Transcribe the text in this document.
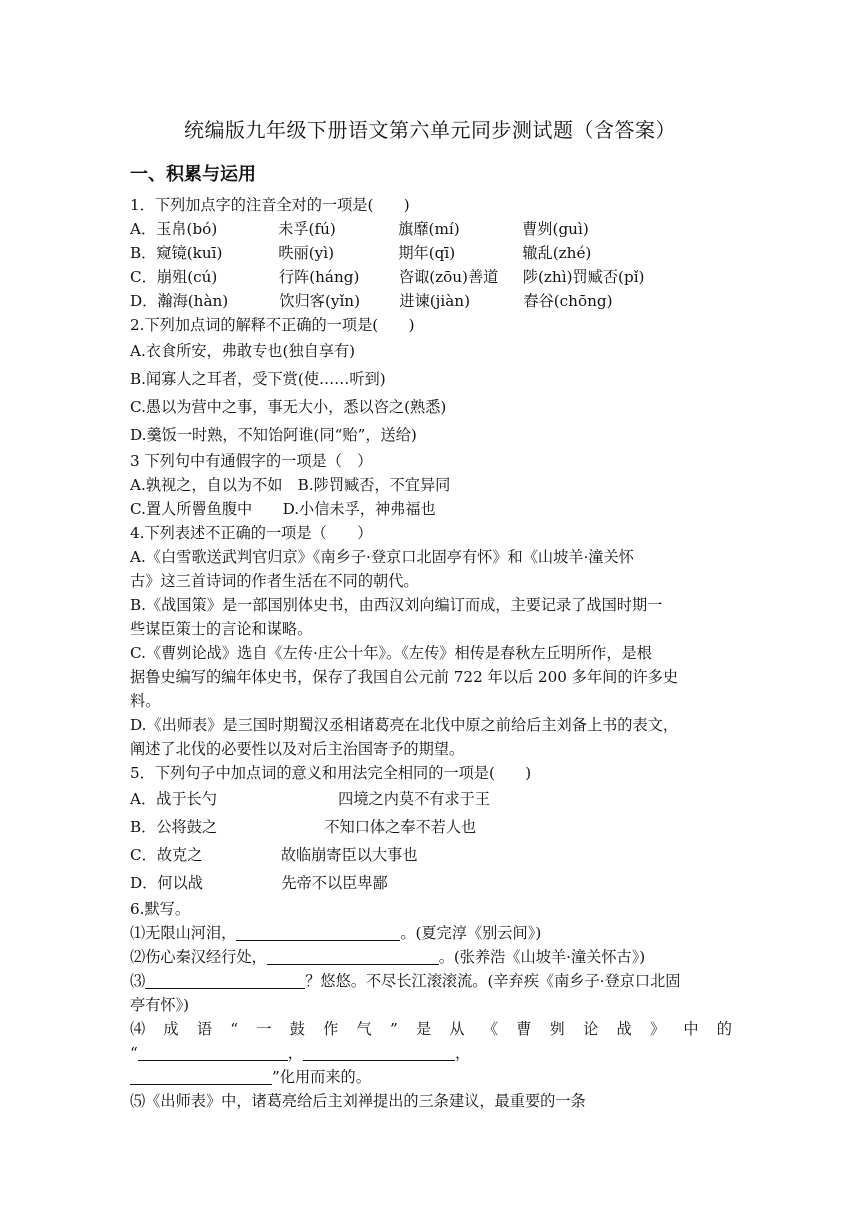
统编版九年级下册语文第六单元同步测试题（含答案）
一、积累与运用
1．下列加点字的注音全对的一项是(　　)
A． 玉帛(bó)	未孚(fú)	旗靡(mí)	曹刿(guì)
B． 窥镜(kuī)	昳丽(yì)	期年(qī)	辙乱(zhé)
C． 崩殂(cú)	行阵(háng)	咨诹(zōu)善道	陟(zhì)罚臧否(pǐ)
D． 瀚海(hàn)	饮归客(yǐn)	进谏(jiàn)	舂谷(chōng)
2.下列加点词的解释不正确的一项是(　　)
A.衣食所安，弗敢专也(独自享有)
B.闻寡人之耳者，受下赏(使……听到)
C.愚以为营中之事，事无大小，悉以咨之(熟悉)
D.羹饭一时熟，不知饴阿谁(同“贻”，送给)
3 下列句中有通假字的一项是（　）
A.孰视之，自以为不如　B.陟罚臧否，不宜异同
C.置人所罾鱼腹中　　D.小信未孚，神弗福也
4.下列表述不正确的一项是（　　）
A.《白雪歌送武判官归京》《南乡子·登京口北固亭有怀》和《山坡羊·潼关怀
古》这三首诗词的作者生活在不同的朝代。
B.《战国策》是一部国别体史书，由西汉刘向编订而成，主要记录了战国时期一
些谋臣策士的言论和谋略。
C.《曹刿论战》选自《左传·庄公十年》。《左传》相传是春秋左丘明所作，是根
据鲁史编写的编年体史书，保存了我国自公元前 722 年以后 200 多年间的许多史
料。
D.《出师表》是三国时期蜀汉丞相诸葛亮在北伐中原之前给后主刘备上书的表文，
阐述了北伐的必要性以及对后主治国寄予的期望。
5．下列句子中加点词的意义和用法完全相同的一项是(　　)
A． 战于长勺	四境之内莫不有求于王
B． 公将鼓之	不知口体之奉不若人也
C． 故克之	故临崩寄臣以大事也
D． 何以战	先帝不以臣卑鄙
6.默写。
⑴无限山河泪，	。(夏完淳《别云间》)
⑵伤心秦汉经行处，	。(张养浩《山坡羊·潼关怀古》)
⑶	？悠悠。不尽长江滚滚流。(辛弃疾《南乡子·登京口北固
亭有怀》)
⑷ 成 语 “ 一 鼓 作 气 ” 是 从 《 曹 刿 论 战 》 中 的
“	，	，
”化用而来的。
⑸《出师表》中，诸葛亮给后主刘禅提出的三条建议，最重要的一条
